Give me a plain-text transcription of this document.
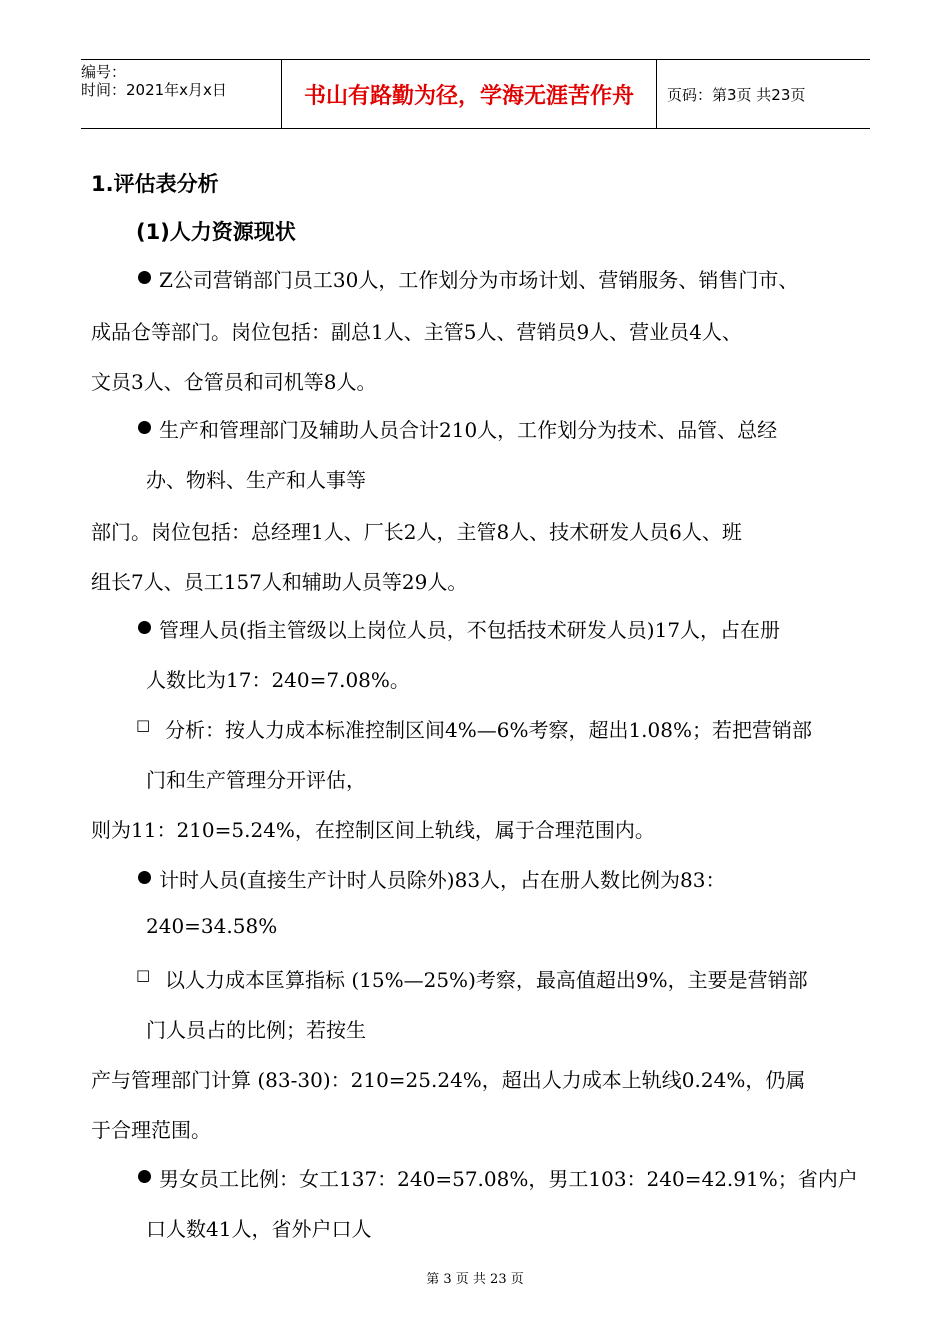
编号：
时间：2021年x月x日	书山有路勤为径，学海无涯苦作舟	页码：第3页 共23页
1.评估表分析
(1)人力资源现状
Z公司营销部门员工30人，工作划分为市场计划、营销服务、销售门市、
成品仓等部门。岗位包括：副总1人、主管5人、营销员9人、营业员4人、
文员3人、仓管员和司机等8人。
生产和管理部门及辅助人员合计210人，工作划分为技术、品管、总经
办、物料、生产和人事等
部门。岗位包括：总经理1人、厂长2人，主管8人、技术研发人员6人、班
组长7人、员工157人和辅助人员等29人。
管理人员(指主管级以上岗位人员，不包括技术研发人员)17人，占在册
人数比为17：240=7.08%。
□ 分析：按人力成本标准控制区间4%—6%考察，超出1.08%；若把营销部
门和生产管理分开评估，
则为11：210=5.24%，在控制区间上轨线，属于合理范围内。
计时人员(直接生产计时人员除外)83人，占在册人数比例为83：
240=34.58%
□ 以人力成本匡算指标 (15%—25%)考察，最高值超出9%，主要是营销部
门人员占的比例；若按生
产与管理部门计算 (83-30)：210=25.24%，超出人力成本上轨线0.24%，仍属
于合理范围。
男女员工比例：女工137：240=57.08%，男工103：240=42.91%；省内户
口人数41人，省外户口人
第 3 页 共 23 页
